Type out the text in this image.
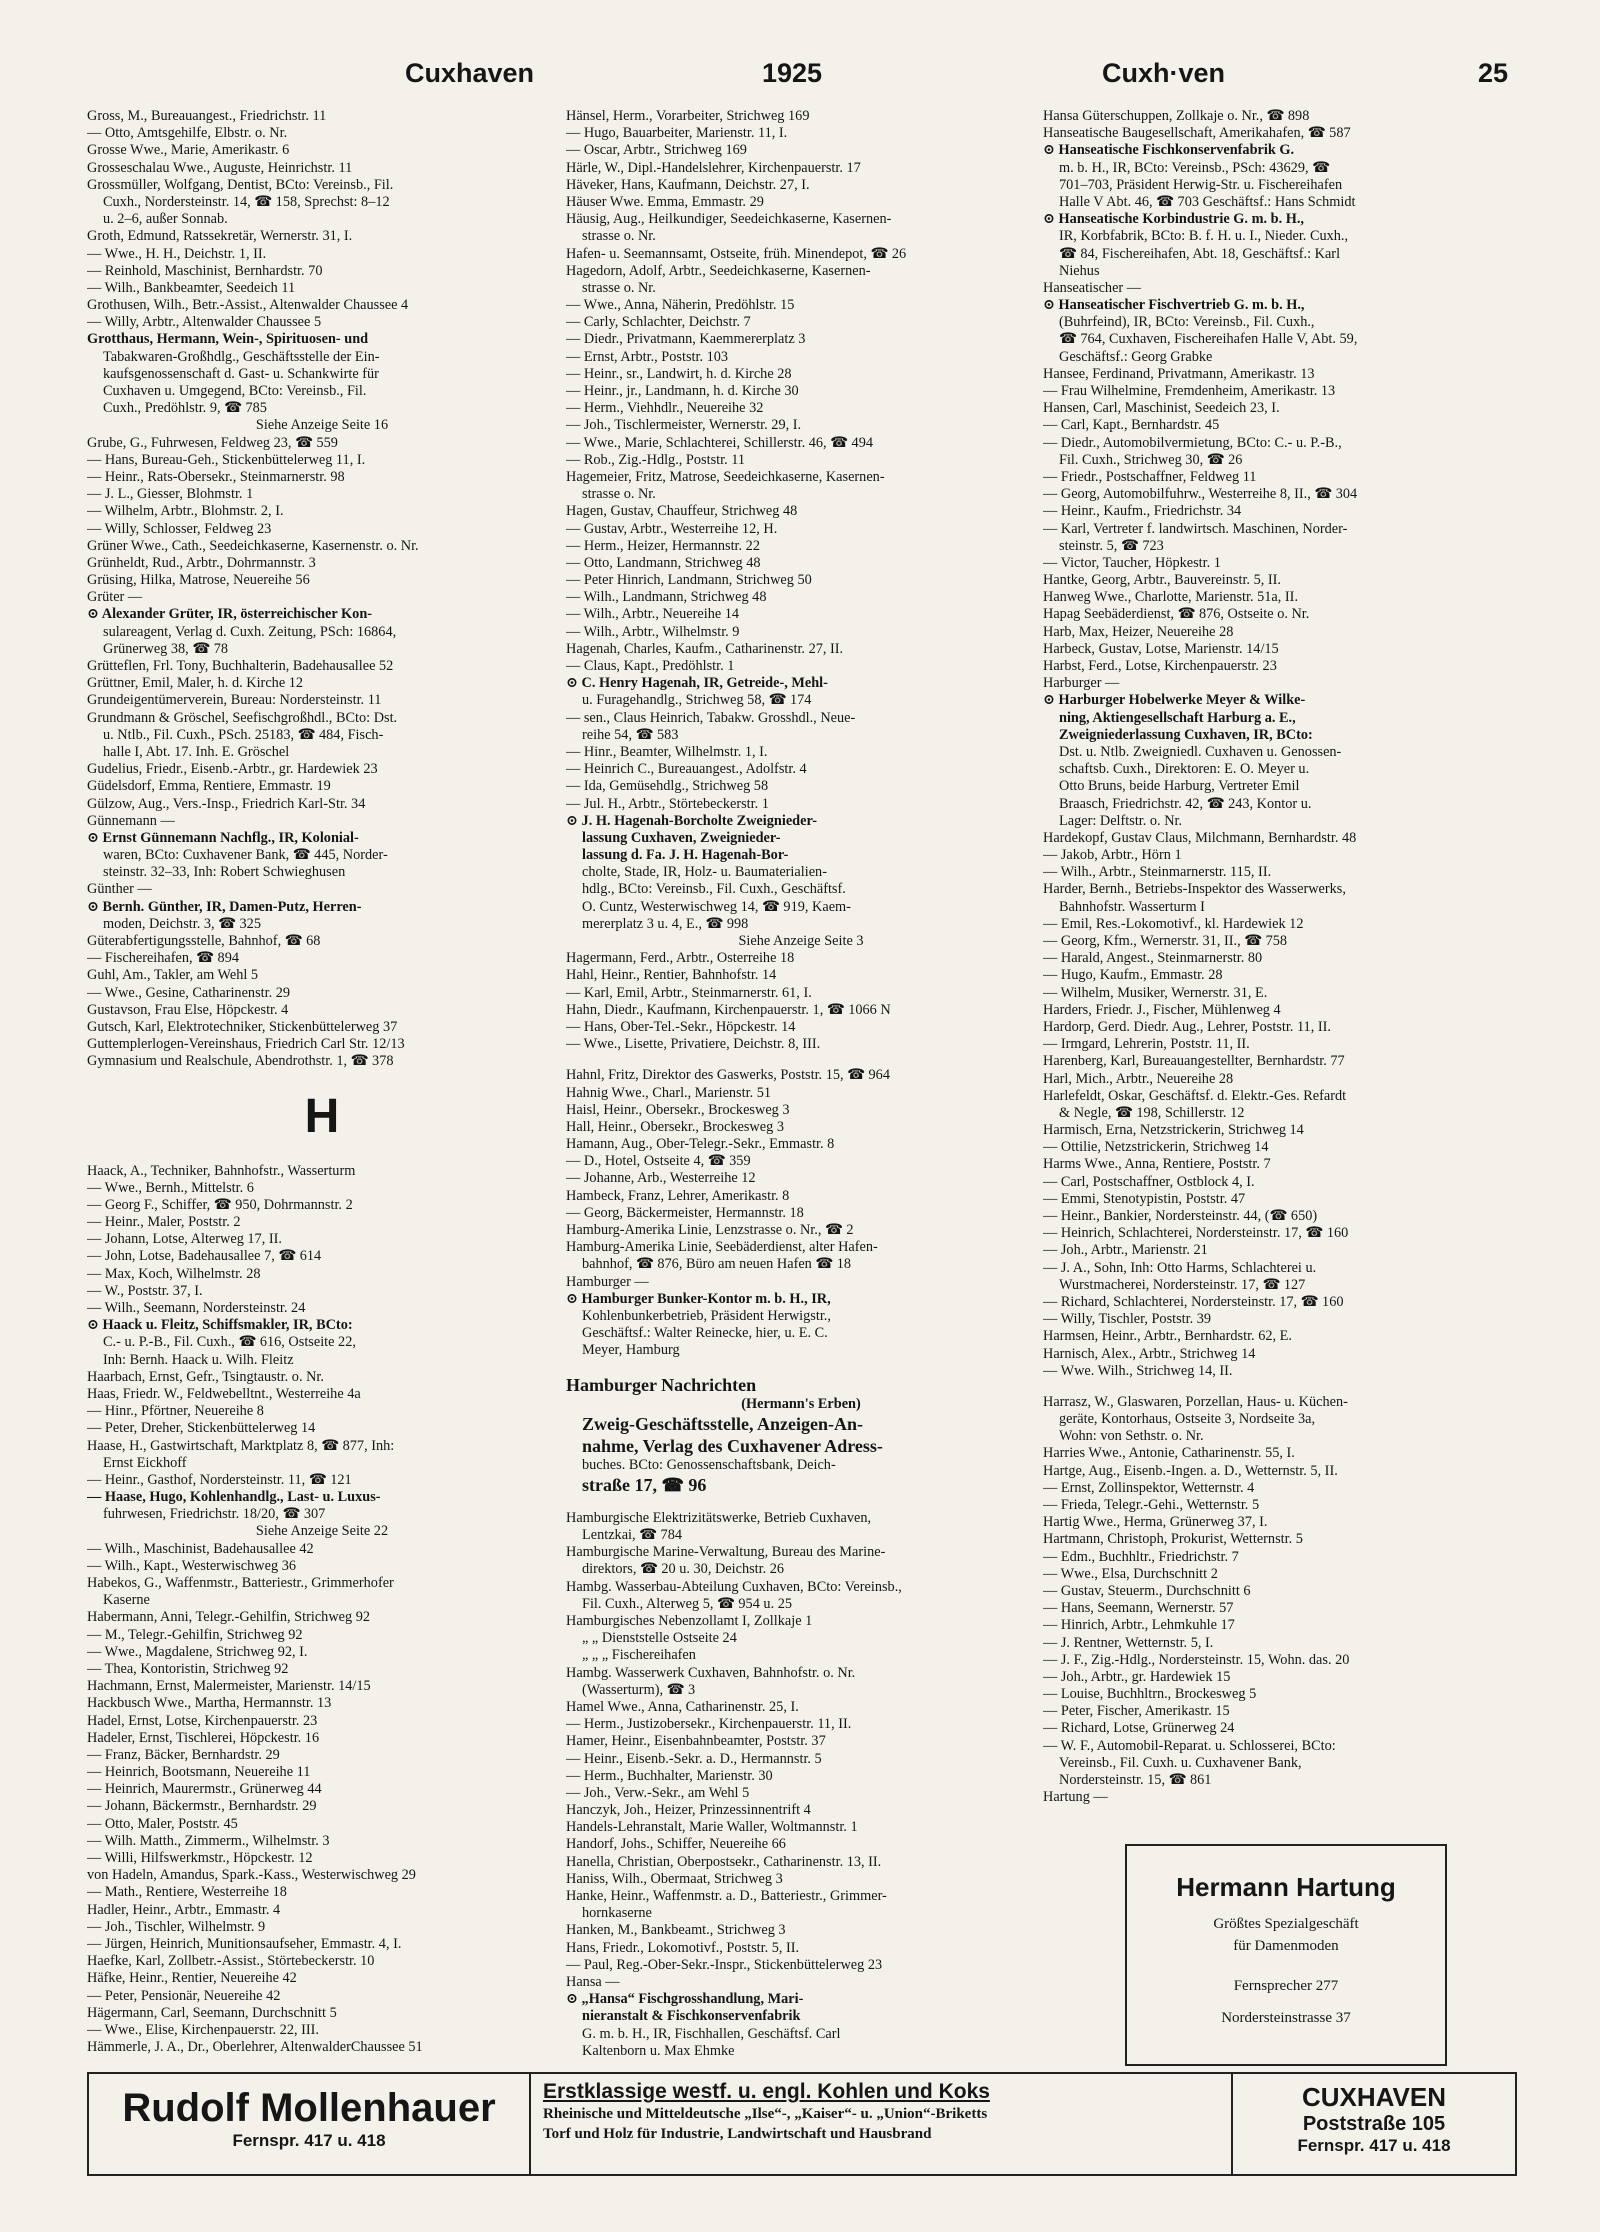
Cuxhaven	1925	Cuxh·ven	25
Gross, M., Bureauangest., Friedrichstr. 11
— Otto, Amtsgehilfe, Elbstr. o. Nr.
Grosse Wwe., Marie, Amerikastr. 6
Grosseschalau Wwe., Auguste, Heinrichstr. 11
Grossmüller, Wolfgang, Dentist, BCto: Vereinsb., Fil.
Cuxh., Nordersteinstr. 14, ☎ 158, Sprechst: 8–12
u. 2–6, außer Sonnab.
Groth, Edmund, Ratssekretär, Wernerstr. 31, I.
— Wwe., H. H., Deichstr. 1, II.
— Reinhold, Maschinist, Bernhardstr. 70
— Wilh., Bankbeamter, Seedeich 11
Grothusen, Wilh., Betr.-Assist., Altenwalder Chaussee 4
— Willy, Arbtr., Altenwalder Chaussee 5
Grotthaus, Hermann, Wein-, Spirituosen- und
Tabakwaren-Großhdlg., Geschäftsstelle der Ein-
kaufsgenossenschaft d. Gast- u. Schankwirte für
Cuxhaven u. Umgegend, BCto: Vereinsb., Fil.
Cuxh., Predöhlstr. 9, ☎ 785
Siehe Anzeige Seite 16
Grube, G., Fuhrwesen, Feldweg 23, ☎ 559
— Hans, Bureau-Geh., Stickenbüttelerweg 11, I.
— Heinr., Rats-Obersekr., Steinmarnerstr. 98
— J. L., Giesser, Blohmstr. 1
— Wilhelm, Arbtr., Blohmstr. 2, I.
— Willy, Schlosser, Feldweg 23
Grüner Wwe., Cath., Seedeichkaserne, Kasernenstr. o. Nr.
Grünheldt, Rud., Arbtr., Dohrmannstr. 3
Grüsing, Hilka, Matrose, Neuereihe 56
Grüter —
⊙ Alexander Grüter, IR, österreichischer Kon-
sulareagent, Verlag d. Cuxh. Zeitung, PSch: 16864,
Grünerweg 38, ☎ 78
Grütteflen, Frl. Tony, Buchhalterin, Badehausallee 52
Grüttner, Emil, Maler, h. d. Kirche 12
Grundeigentümerverein, Bureau: Nordersteinstr. 11
Grundmann & Gröschel, Seefischgroßhdl., BCto: Dst.
u. Ntlb., Fil. Cuxh., PSch. 25183, ☎ 484, Fisch-
halle I, Abt. 17. Inh. E. Gröschel
Gudelius, Friedr., Eisenb.-Arbtr., gr. Hardewiek 23
Güdelsdorf, Emma, Rentiere, Emmastr. 19
Gülzow, Aug., Vers.-Insp., Friedrich Karl-Str. 34
Günnemann —
⊙ Ernst Günnemann Nachflg., IR, Kolonial-
waren, BCto: Cuxhavener Bank, ☎ 445, Norder-
steinstr. 32–33, Inh: Robert Schwieghusen
Günther —
⊙ Bernh. Günther, IR, Damen-Putz, Herren-
moden, Deichstr. 3, ☎ 325
Güterabfertigungsstelle, Bahnhof, ☎ 68
— Fischereihafen, ☎ 894
Guhl, Am., Takler, am Wehl 5
— Wwe., Gesine, Catharinenstr. 29
Gustavson, Frau Else, Höpckestr. 4
Gutsch, Karl, Elektrotechniker, Stickenbüttelerweg 37
Guttemplerlogen-Vereinshaus, Friedrich Carl Str. 12/13
Gymnasium und Realschule, Abendrothstr. 1, ☎ 378
H
Haack, A., Techniker, Bahnhofstr., Wasserturm
— Wwe., Bernh., Mittelstr. 6
— Georg F., Schiffer, ☎ 950, Dohrmannstr. 2
— Heinr., Maler, Poststr. 2
— Johann, Lotse, Alterweg 17, II.
— John, Lotse, Badehausallee 7, ☎ 614
— Max, Koch, Wilhelmstr. 28
— W., Poststr. 37, I.
— Wilh., Seemann, Nordersteinstr. 24
⊙ Haack u. Fleitz, Schiffsmakler, IR, BCto:
C.- u. P.-B., Fil. Cuxh., ☎ 616, Ostseite 22,
Inh: Bernh. Haack u. Wilh. Fleitz
Haarbach, Ernst, Gefr., Tsingtaustr. o. Nr.
Haas, Friedr. W., Feldwebelltnt., Westerreihe 4a
— Hinr., Pförtner, Neuereihe 8
— Peter, Dreher, Stickenbüttelerweg 14
Haase, H., Gastwirtschaft, Marktplatz 8, ☎ 877, Inh:
Ernst Eickhoff
— Heinr., Gasthof, Nordersteinstr. 11, ☎ 121
— Haase, Hugo, Kohlenhandlg., Last- u. Luxus-
fuhrwesen, Friedrichstr. 18/20, ☎ 307
Siehe Anzeige Seite 22
— Wilh., Maschinist, Badehausallee 42
— Wilh., Kapt., Westerwischweg 36
Habekos, G., Waffenmstr., Batteriestr., Grimmerhofer
Kaserne
Habermann, Anni, Telegr.-Gehilfin, Strichweg 92
— M., Telegr.-Gehilfin, Strichweg 92
— Wwe., Magdalene, Strichweg 92, I.
— Thea, Kontoristin, Strichweg 92
Hachmann, Ernst, Malermeister, Marienstr. 14/15
Hackbusch Wwe., Martha, Hermannstr. 13
Hadel, Ernst, Lotse, Kirchenpauerstr. 23
Hadeler, Ernst, Tischlerei, Höpckestr. 16
— Franz, Bäcker, Bernhardstr. 29
— Heinrich, Bootsmann, Neuereihe 11
— Heinrich, Maurermstr., Grünerweg 44
— Johann, Bäckermstr., Bernhardstr. 29
— Otto, Maler, Poststr. 45
— Wilh. Matth., Zimmerm., Wilhelmstr. 3
— Willi, Hilfswerkmstr., Höpckestr. 12
von Hadeln, Amandus, Spark.-Kass., Westerwischweg 29
— Math., Rentiere, Westerreihe 18
Hadler, Heinr., Arbtr., Emmastr. 4
— Joh., Tischler, Wilhelmstr. 9
— Jürgen, Heinrich, Munitionsaufseher, Emmastr. 4, I.
Haefke, Karl, Zollbetr.-Assist., Störtebeckerstr. 10
Häfke, Heinr., Rentier, Neuereihe 42
— Peter, Pensionär, Neuereihe 42
Hägermann, Carl, Seemann, Durchschnitt 5
— Wwe., Elise, Kirchenpauerstr. 22, III.
Hämmerle, J. A., Dr., Oberlehrer, AltenwalderChaussee 51
Hänsel, Herm., Vorarbeiter, Strichweg 169
— Hugo, Bauarbeiter, Marienstr. 11, I.
— Oscar, Arbtr., Strichweg 169
Härle, W., Dipl.-Handelslehrer, Kirchenpauerstr. 17
Häveker, Hans, Kaufmann, Deichstr. 27, I.
Häuser Wwe. Emma, Emmastr. 29
Häusig, Aug., Heilkundiger, Seedeichkaserne, Kasernen-
strasse o. Nr.
Hafen- u. Seemannsamt, Ostseite, früh. Minendepot, ☎ 26
Hagedorn, Adolf, Arbtr., Seedeichkaserne, Kasernen-
strasse o. Nr.
— Wwe., Anna, Näherin, Predöhlstr. 15
— Carly, Schlachter, Deichstr. 7
— Diedr., Privatmann, Kaemmererplatz 3
— Ernst, Arbtr., Poststr. 103
— Heinr., sr., Landwirt, h. d. Kirche 28
— Heinr., jr., Landmann, h. d. Kirche 30
— Herm., Viehhdlr., Neuereihe 32
— Joh., Tischlermeister, Wernerstr. 29, I.
— Wwe., Marie, Schlachterei, Schillerstr. 46, ☎ 494
— Rob., Zig.-Hdlg., Poststr. 11
Hagemeier, Fritz, Matrose, Seedeichkaserne, Kasernen-
strasse o. Nr.
Hagen, Gustav, Chauffeur, Strichweg 48
— Gustav, Arbtr., Westerreihe 12, H.
— Herm., Heizer, Hermannstr. 22
— Otto, Landmann, Strichweg 48
— Peter Hinrich, Landmann, Strichweg 50
— Wilh., Landmann, Strichweg 48
— Wilh., Arbtr., Neuereihe 14
— Wilh., Arbtr., Wilhelmstr. 9
Hagenah, Charles, Kaufm., Catharinenstr. 27, II.
— Claus, Kapt., Predöhlstr. 1
⊙ C. Henry Hagenah, IR, Getreide-, Mehl-
u. Furagehandlg., Strichweg 58, ☎ 174
— sen., Claus Heinrich, Tabakw. Grosshdl., Neue-
reihe 54, ☎ 583
— Hinr., Beamter, Wilhelmstr. 1, I.
— Heinrich C., Bureauangest., Adolfstr. 4
— Ida, Gemüsehdlg., Strichweg 58
— Jul. H., Arbtr., Störtebeckerstr. 1
⊙ J. H. Hagenah-Borcholte Zweignieder-
lassung Cuxhaven, Zweignieder-
lassung d. Fa. J. H. Hagenah-Bor-
cholte, Stade, IR, Holz- u. Baumaterialien-
hdlg., BCto: Vereinsb., Fil. Cuxh., Geschäftsf.
O. Cuntz, Westerwischweg 14, ☎ 919, Kaem-
mererplatz 3 u. 4, E., ☎ 998
Siehe Anzeige Seite 3
Hagermann, Ferd., Arbtr., Osterreihe 18
Hahl, Heinr., Rentier, Bahnhofstr. 14
— Karl, Emil, Arbtr., Steinmarnerstr. 61, I.
Hahn, Diedr., Kaufmann, Kirchenpauerstr. 1, ☎ 1066 N
— Hans, Ober-Tel.-Sekr., Höpckestr. 14
— Wwe., Lisette, Privatiere, Deichstr. 8, III.
Hahnl, Fritz, Direktor des Gaswerks, Poststr. 15, ☎ 964
Hahnig Wwe., Charl., Marienstr. 51
Haisl, Heinr., Obersekr., Brockesweg 3
Hall, Heinr., Obersekr., Brockesweg 3
Hamann, Aug., Ober-Telegr.-Sekr., Emmastr. 8
— D., Hotel, Ostseite 4, ☎ 359
— Johanne, Arb., Westerreihe 12
Hambeck, Franz, Lehrer, Amerikastr. 8
— Georg, Bäckermeister, Hermannstr. 18
Hamburg-Amerika Linie, Lenzstrasse o. Nr., ☎ 2
Hamburg-Amerika Linie, Seebäderdienst, alter Hafen-
bahnhof, ☎ 876, Büro am neuen Hafen ☎ 18
Hamburger —
⊙ Hamburger Bunker-Kontor m. b. H., IR,
Kohlenbunkerbetrieb, Präsident Herwigstr.,
Geschäftsf.: Walter Reinecke, hier, u. E. C.
Meyer, Hamburg
Hamburger Nachrichten
(Hermann's Erben)
Zweig-Geschäftsstelle, Anzeigen-An-
nahme, Verlag des Cuxhavener Adress-
buches. BCto: Genossenschaftsbank, Deich-
straße 17, ☎ 96
Hamburgische Elektrizitätswerke, Betrieb Cuxhaven,
Lentzkai, ☎ 784
Hamburgische Marine-Verwaltung, Bureau des Marine-
direktors, ☎ 20 u. 30, Deichstr. 26
Hambg. Wasserbau-Abteilung Cuxhaven, BCto: Vereinsb.,
Fil. Cuxh., Alterweg 5, ☎ 954 u. 25
Hamburgisches Nebenzollamt I, Zollkaje 1
„ „ Dienststelle Ostseite 24
„ „ „ Fischereihafen
Hambg. Wasserwerk Cuxhaven, Bahnhofstr. o. Nr.
(Wasserturm), ☎ 3
Hamel Wwe., Anna, Catharinenstr. 25, I.
— Herm., Justizobersekr., Kirchenpauerstr. 11, II.
Hamer, Heinr., Eisenbahnbeamter, Poststr. 37
— Heinr., Eisenb.-Sekr. a. D., Hermannstr. 5
— Herm., Buchhalter, Marienstr. 30
— Joh., Verw.-Sekr., am Wehl 5
Hanczyk, Joh., Heizer, Prinzessinnentrift 4
Handels-Lehranstalt, Marie Waller, Woltmannstr. 1
Handorf, Johs., Schiffer, Neuereihe 66
Hanella, Christian, Oberpostsekr., Catharinenstr. 13, II.
Haniss, Wilh., Obermaat, Strichweg 3
Hanke, Heinr., Waffenmstr. a. D., Batteriestr., Grimmer-
hornkaserne
Hanken, M., Bankbeamt., Strichweg 3
Hans, Friedr., Lokomotivf., Poststr. 5, II.
— Paul, Reg.-Ober-Sekr.-Inspr., Stickenbüttelerweg 23
Hansa —
⊙ „Hansa“ Fischgrosshandlung, Mari-
nieranstalt & Fischkonservenfabrik
G. m. b. H., IR, Fischhallen, Geschäftsf. Carl
Kaltenborn u. Max Ehmke
Hansa Güterschuppen, Zollkaje o. Nr., ☎ 898
Hanseatische Baugesellschaft, Amerikahafen, ☎ 587
⊙ Hanseatische Fischkonservenfabrik G.
m. b. H., IR, BCto: Vereinsb., PSch: 43629, ☎
701–703, Präsident Herwig-Str. u. Fischereihafen
Halle V Abt. 46, ☎ 703 Geschäftsf.: Hans Schmidt
⊙ Hanseatische Korbindustrie G. m. b. H.,
IR, Korbfabrik, BCto: B. f. H. u. I., Nieder. Cuxh.,
☎ 84, Fischereihafen, Abt. 18, Geschäftsf.: Karl
Niehus
Hanseatischer —
⊙ Hanseatischer Fischvertrieb G. m. b. H.,
(Buhrfeind), IR, BCto: Vereinsb., Fil. Cuxh.,
☎ 764, Cuxhaven, Fischereihafen Halle V, Abt. 59,
Geschäftsf.: Georg Grabke
Hansee, Ferdinand, Privatmann, Amerikastr. 13
— Frau Wilhelmine, Fremdenheim, Amerikastr. 13
Hansen, Carl, Maschinist, Seedeich 23, I.
— Carl, Kapt., Bernhardstr. 45
— Diedr., Automobilvermietung, BCto: C.- u. P.-B.,
Fil. Cuxh., Strichweg 30, ☎ 26
— Friedr., Postschaffner, Feldweg 11
— Georg, Automobilfuhrw., Westerreihe 8, II., ☎ 304
— Heinr., Kaufm., Friedrichstr. 34
— Karl, Vertreter f. landwirtsch. Maschinen, Norder-
steinstr. 5, ☎ 723
— Victor, Taucher, Höpkestr. 1
Hantke, Georg, Arbtr., Bauvereinstr. 5, II.
Hanweg Wwe., Charlotte, Marienstr. 51a, II.
Hapag Seebäderdienst, ☎ 876, Ostseite o. Nr.
Harb, Max, Heizer, Neuereihe 28
Harbeck, Gustav, Lotse, Marienstr. 14/15
Harbst, Ferd., Lotse, Kirchenpauerstr. 23
Harburger —
⊙ Harburger Hobelwerke Meyer & Wilke-
ning, Aktiengesellschaft Harburg a. E.,
Zweigniederlassung Cuxhaven, IR, BCto:
Dst. u. Ntlb. Zweigniedl. Cuxhaven u. Genossen-
schaftsb. Cuxh., Direktoren: E. O. Meyer u.
Otto Bruns, beide Harburg, Vertreter Emil
Braasch, Friedrichstr. 42, ☎ 243, Kontor u.
Lager: Delftstr. o. Nr.
Hardekopf, Gustav Claus, Milchmann, Bernhardstr. 48
— Jakob, Arbtr., Hörn 1
— Wilh., Arbtr., Steinmarnerstr. 115, II.
Harder, Bernh., Betriebs-Inspektor des Wasserwerks,
Bahnhofstr. Wasserturm I
— Emil, Res.-Lokomotivf., kl. Hardewiek 12
— Georg, Kfm., Wernerstr. 31, II., ☎ 758
— Harald, Angest., Steinmarnerstr. 80
— Hugo, Kaufm., Emmastr. 28
— Wilhelm, Musiker, Wernerstr. 31, E.
Harders, Friedr. J., Fischer, Mühlenweg 4
Hardorp, Gerd. Diedr. Aug., Lehrer, Poststr. 11, II.
— Irmgard, Lehrerin, Poststr. 11, II.
Harenberg, Karl, Bureauangestellter, Bernhardstr. 77
Harl, Mich., Arbtr., Neuereihe 28
Harlefeldt, Oskar, Geschäftsf. d. Elektr.-Ges. Refardt
& Negle, ☎ 198, Schillerstr. 12
Harmisch, Erna, Netzstrickerin, Strichweg 14
— Ottilie, Netzstrickerin, Strichweg 14
Harms Wwe., Anna, Rentiere, Poststr. 7
— Carl, Postschaffner, Ostblock 4, I.
— Emmi, Stenotypistin, Poststr. 47
— Heinr., Bankier, Nordersteinstr. 44, (☎ 650)
— Heinrich, Schlachterei, Nordersteinstr. 17, ☎ 160
— Joh., Arbtr., Marienstr. 21
— J. A., Sohn, Inh: Otto Harms, Schlachterei u.
Wurstmacherei, Nordersteinstr. 17, ☎ 127
— Richard, Schlachterei, Nordersteinstr. 17, ☎ 160
— Willy, Tischler, Poststr. 39
Harmsen, Heinr., Arbtr., Bernhardstr. 62, E.
Harnisch, Alex., Arbtr., Strichweg 14
— Wwe. Wilh., Strichweg 14, II.
Harrasz, W., Glaswaren, Porzellan, Haus- u. Küchen-
geräte, Kontorhaus, Ostseite 3, Nordseite 3a,
Wohn: von Sethstr. o. Nr.
Harries Wwe., Antonie, Catharinenstr. 55, I.
Hartge, Aug., Eisenb.-Ingen. a. D., Wetternstr. 5, II.
— Ernst, Zollinspektor, Wetternstr. 4
— Frieda, Telegr.-Gehi., Wetternstr. 5
Hartig Wwe., Herma, Grünerweg 37, I.
Hartmann, Christoph, Prokurist, Wetternstr. 5
— Edm., Buchhltr., Friedrichstr. 7
— Wwe., Elsa, Durchschnitt 2
— Gustav, Steuerm., Durchschnitt 6
— Hans, Seemann, Wernerstr. 57
— Hinrich, Arbtr., Lehmkuhle 17
— J. Rentner, Wetternstr. 5, I.
— J. F., Zig.-Hdlg., Nordersteinstr. 15, Wohn. das. 20
— Joh., Arbtr., gr. Hardewiek 15
— Louise, Buchhltrn., Brockesweg 5
— Peter, Fischer, Amerikastr. 15
— Richard, Lotse, Grünerweg 24
— W. F., Automobil-Reparat. u. Schlosserei, BCto:
Vereinsb., Fil. Cuxh. u. Cuxhavener Bank,
Nordersteinstr. 15, ☎ 861
Hartung —
Hermann Hartung
Größtes Spezialgeschäft
für Damenmoden
Fernsprecher 277
Nordersteinstrasse 37
Rudolf Mollenhauer
Fernspr. 417 u. 418
Erstklassige westf. u. engl. Kohlen und Koks
Rheinische und Mitteldeutsche „Ilse“-, „Kaiser“- u. „Union“-Briketts
Torf und Holz für Industrie, Landwirtschaft und Hausbrand
CUXHAVEN
Poststraße 105
Fernspr. 417 u. 418
